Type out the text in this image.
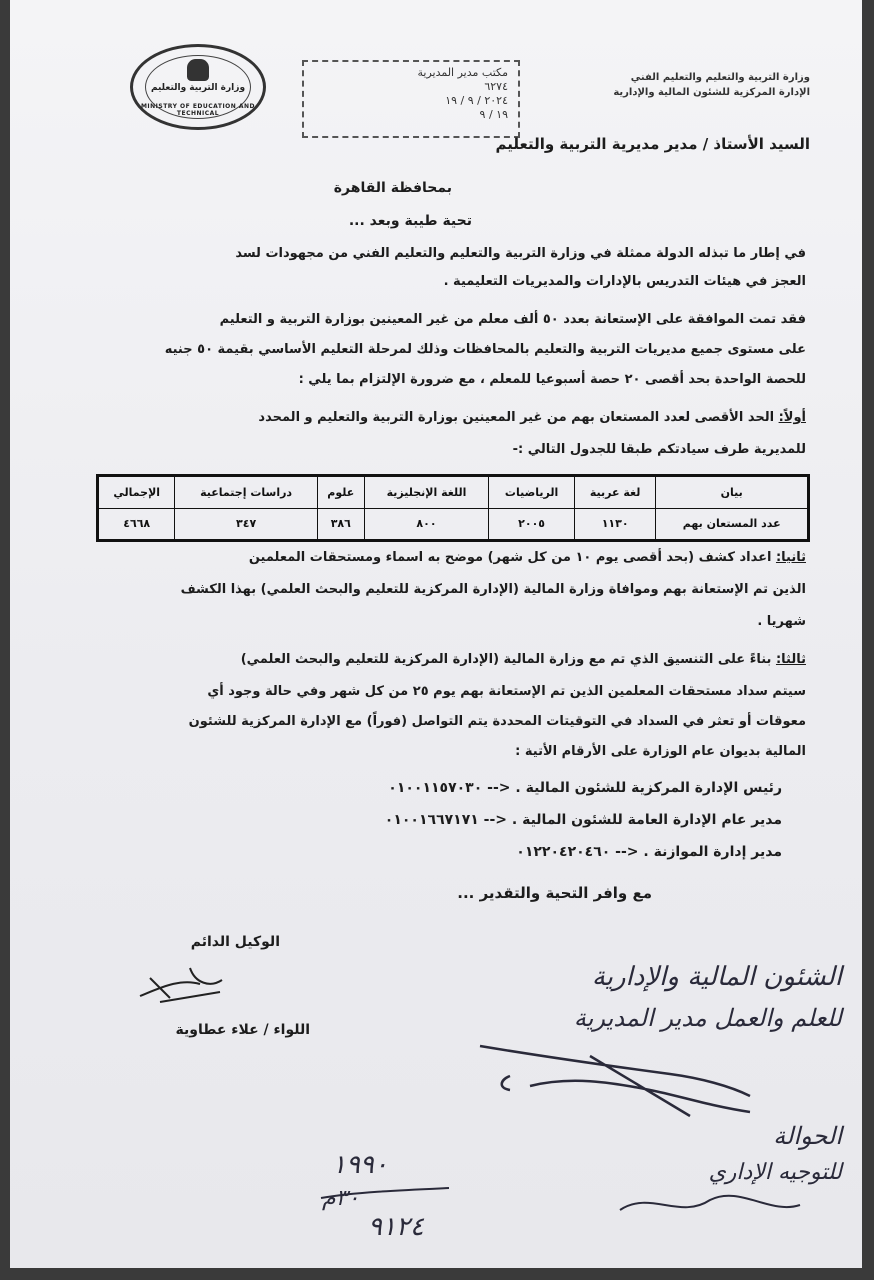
وزارة التربية والتعليم
MINISTRY OF EDUCATION AND TECHNICAL
مكتب مدير المديرية
٦٢٧٤
٢٠٢٤ / ٩ / ١٩
١٩ / ٩
وزارة التربية والتعليم والتعليم الفني
الإدارة المركزية للشئون المالية والإدارية
السيد الأستاذ / مدير مديرية التربية والتعليم
بمحافظة القاهرة
تحية طيبة وبعد ...
في إطار ما تبذله الدولة ممثلة في وزارة التربية والتعليم والتعليم الفني من مجهودات لسد
العجز في هيئات التدريس بالإدارات والمديريات التعليمية .
فقد تمت الموافقة على الإستعانة بعدد ٥٠ ألف معلم من غير المعينين بوزارة التربية و التعليم
على مستوى جميع مديريات التربية والتعليم بالمحافظات وذلك لمرحلة التعليم الأساسي بقيمة ٥٠ جنيه
للحصة الواحدة بحد أقصى ٢٠ حصة أسبوعيا للمعلم ، مع ضرورة الإلتزام بما يلي :
أولاً: الحد الأقصى لعدد المستعان بهم من غير المعينين بوزارة التربية والتعليم و المحدد
للمديرية طرف سيادتكم طبقا للجدول التالي :-
بيان	لغة عربية	الرياضيات	اللغة الإنجليزية	علوم	دراسات إجتماعية	الإجمالي
عدد المستعان بهم	١١٣٠	٢٠٠٥	٨٠٠	٣٨٦	٣٤٧	٤٦٦٨
ثانيا: اعداد كشف (بحد أقصى يوم ١٠ من كل شهر) موضح به اسماء ومستحقات المعلمين
الذين تم الإستعانة بهم وموافاة وزارة المالية (الإدارة المركزية للتعليم والبحث العلمي) بهذا الكشف
شهريا .
ثالثا: بناءً على التنسيق الذي تم مع وزارة المالية (الإدارة المركزية للتعليم والبحث العلمي)
سيتم سداد مستحقات المعلمين الذين تم الإستعانة بهم يوم ٢٥ من كل شهر وفي حالة وجود أي
معوقات أو تعثر في السداد في التوقيتات المحددة يتم التواصل (فوراً) مع الإدارة المركزية للشئون
المالية بديوان عام الوزارة على الأرقام الأتية :
رئيس الإدارة المركزية للشئون المالية . --> ٠١٠٠١١٥٧٠٣٠
مدير عام الإدارة العامة للشئون المالية . --> ٠١٠٠١٦٦٧١٧١
مدير إدارة الموازنة . --> ٠١٢٢٠٤٢٠٤٦٠
مع وافر التحية والتقدير ...
الوكيل الدائم
اللواء / علاء عطاوية
الشئون المالية والإدارية
للعلم والعمل مدير المديرية
الحوالة
للتوجيه الإداري
١٩٩٠
٣٠م
٩١٢٤
